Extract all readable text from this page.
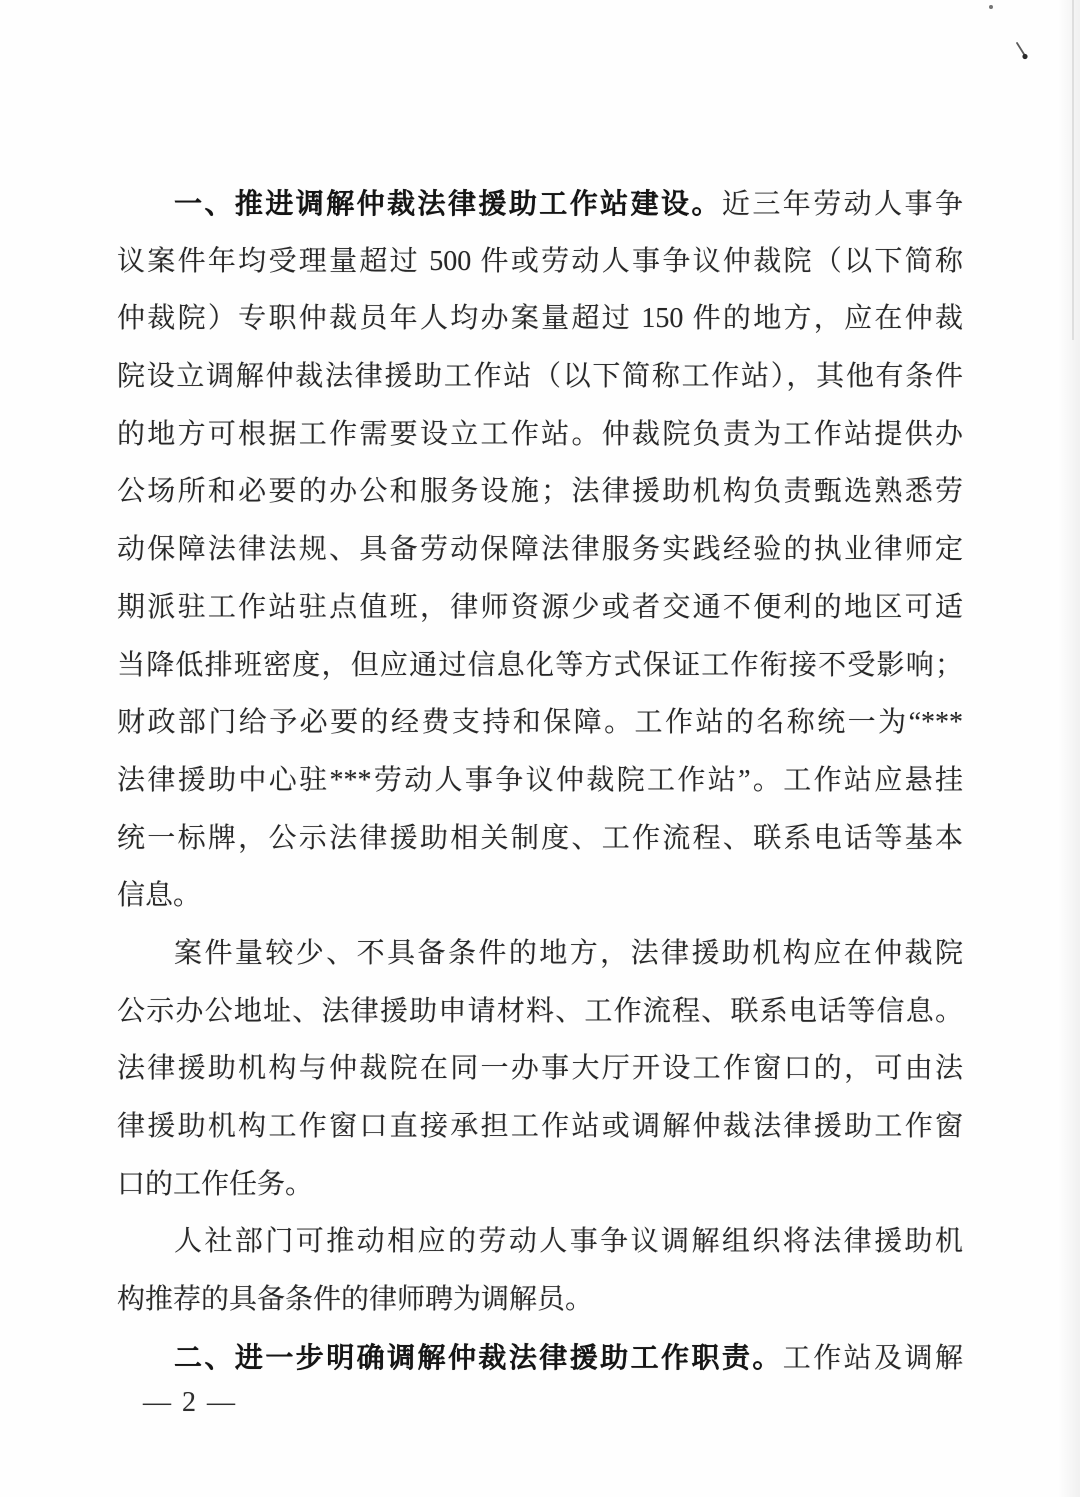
一、推进调解仲裁法律援助工作站建设。近三年劳动人事争
议案件年均受理量超过 500 件或劳动人事争议仲裁院（以下简称
仲裁院）专职仲裁员年人均办案量超过 150 件的地方，应在仲裁
院设立调解仲裁法律援助工作站（以下简称工作站），其他有条件
的地方可根据工作需要设立工作站。仲裁院负责为工作站提供办
公场所和必要的办公和服务设施；法律援助机构负责甄选熟悉劳
动保障法律法规、具备劳动保障法律服务实践经验的执业律师定
期派驻工作站驻点值班，律师资源少或者交通不便利的地区可适
当降低排班密度，但应通过信息化等方式保证工作衔接不受影响；
财政部门给予必要的经费支持和保障。工作站的名称统一为“***
法律援助中心驻***劳动人事争议仲裁院工作站”。工作站应悬挂
统一标牌，公示法律援助相关制度、工作流程、联系电话等基本
信息。
案件量较少、不具备条件的地方，法律援助机构应在仲裁院
公示办公地址、法律援助申请材料、工作流程、联系电话等信息。
法律援助机构与仲裁院在同一办事大厅开设工作窗口的，可由法
律援助机构工作窗口直接承担工作站或调解仲裁法律援助工作窗
口的工作任务。
人社部门可推动相应的劳动人事争议调解组织将法律援助机
构推荐的具备条件的律师聘为调解员。
二、进一步明确调解仲裁法律援助工作职责。工作站及调解
— 2 —
